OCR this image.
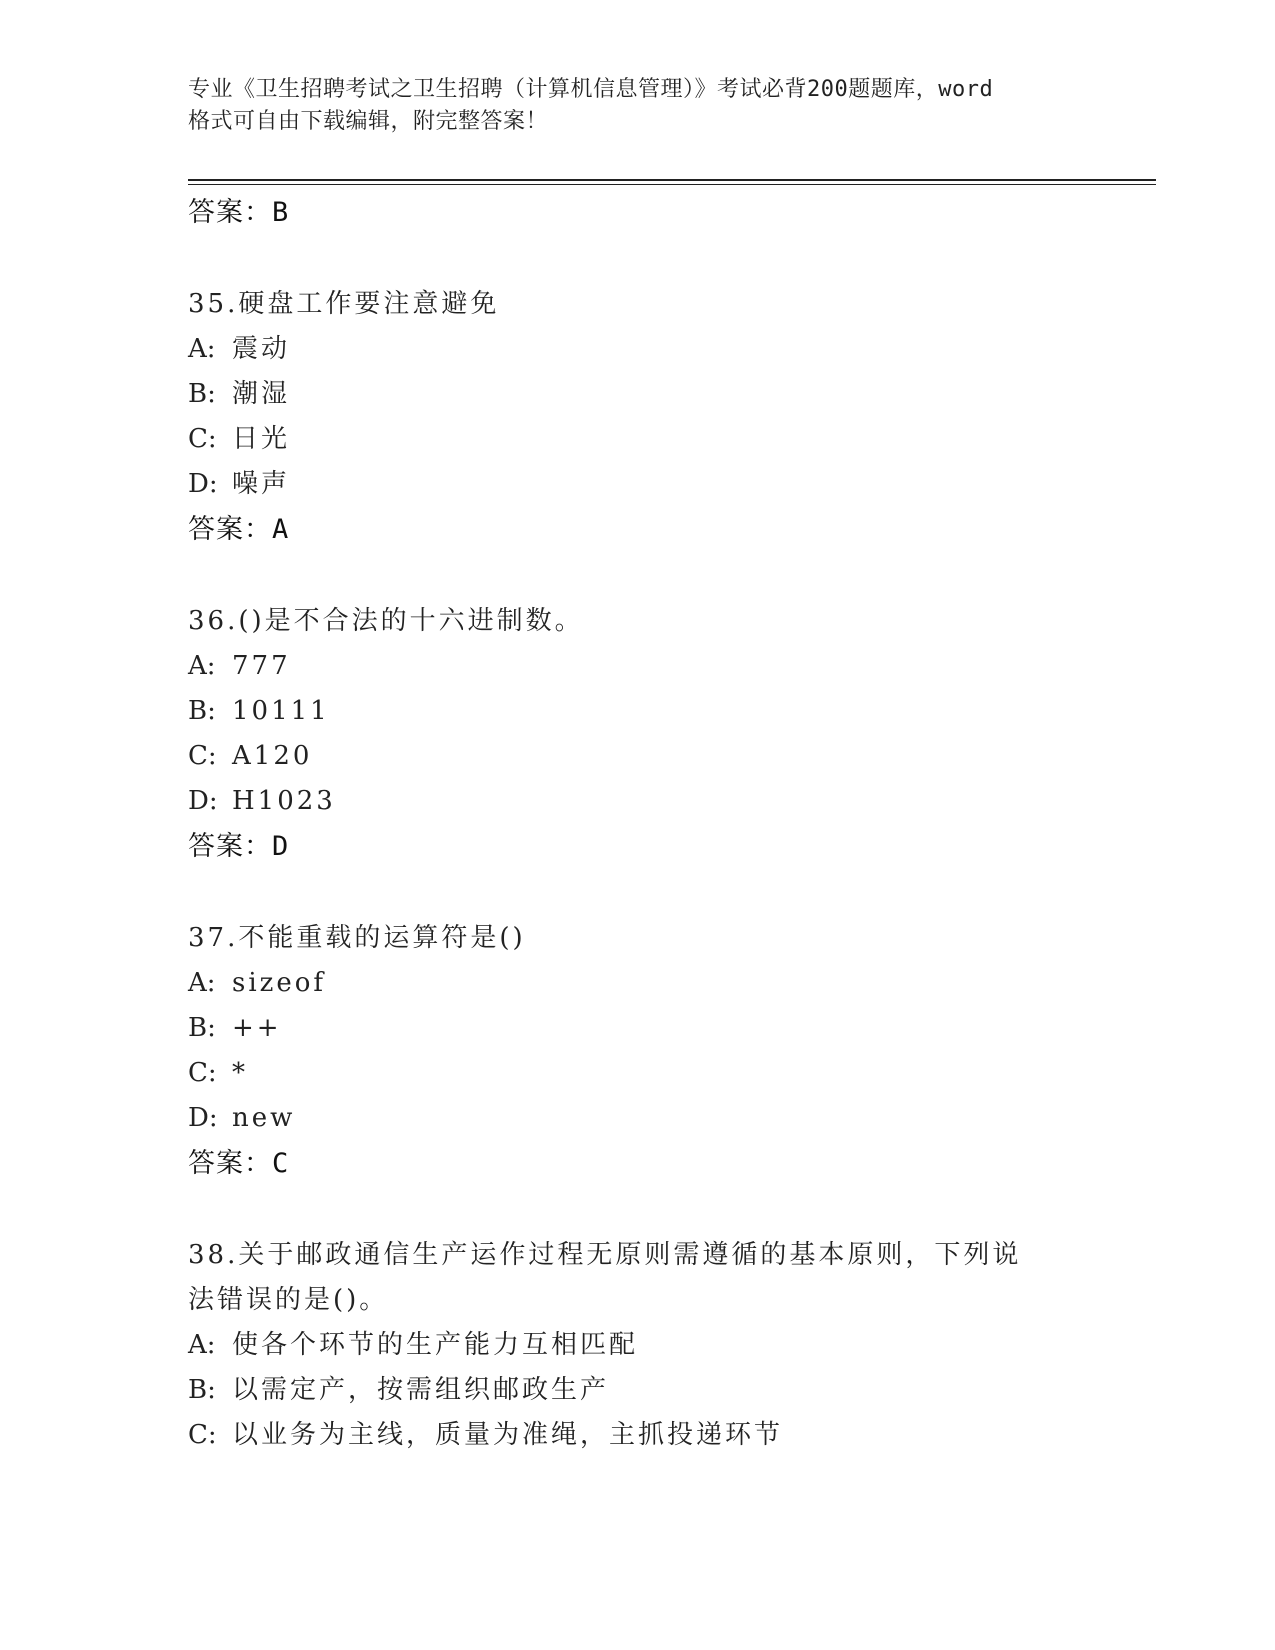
专业《卫生招聘考试之卫生招聘（计算机信息管理）》考试必背200题题库，word
格式可自由下载编辑，附完整答案！
答案：B
35.硬盘工作要注意避免
A: 震动
B: 潮湿
C: 日光
D: 噪声
答案：A
36.()是不合法的十六进制数。
A: 777
B: 10111
C: A120
D: H1023
答案：D
37.不能重载的运算符是()
A: sizeof
B: ++
C: *
D: new
答案：C
38.关于邮政通信生产运作过程无原则需遵循的基本原则，下列说法错误的是()。
A: 使各个环节的生产能力互相匹配
B: 以需定产，按需组织邮政生产
C: 以业务为主线，质量为准绳，主抓投递环节
